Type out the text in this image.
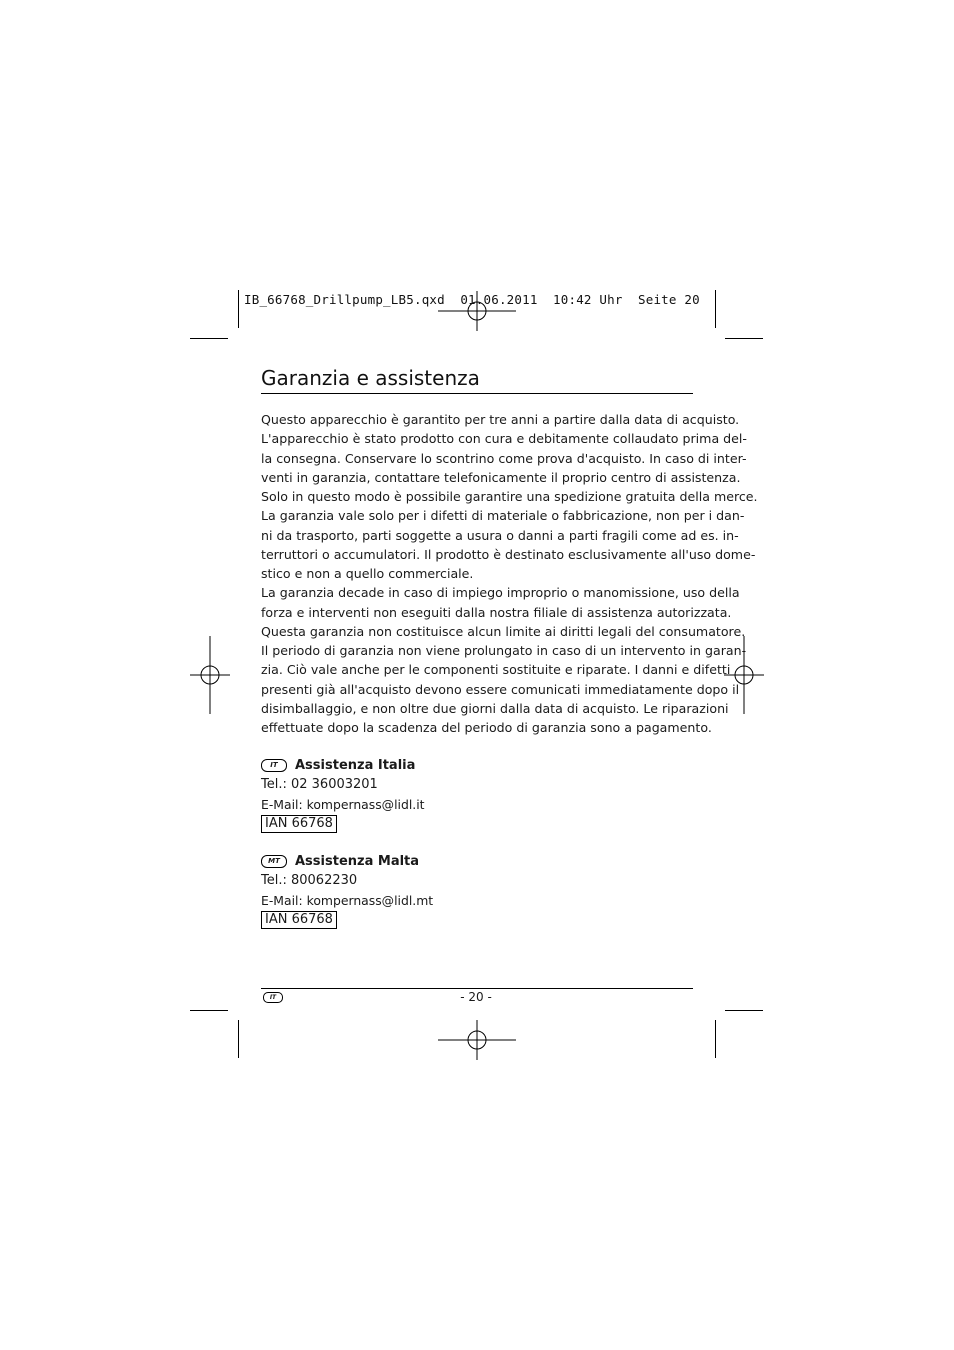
IB_66768_Drillpump_LB5.qxd  01.06.2011  10:42 Uhr  Seite 20
Garanzia e assistenza
Questo apparecchio è garantito per tre anni a partire dalla data di acquisto.
L'apparecchio è stato prodotto con cura e debitamente collaudato prima del-
la consegna. Conservare lo scontrino come prova d'acquisto. In caso di inter-
venti in garanzia, contattare telefonicamente il proprio centro di assistenza.
Solo in questo modo è possibile garantire una spedizione gratuita della merce.
La garanzia vale solo per i difetti di materiale o fabbricazione, non per i dan-
ni da trasporto, parti soggette a usura o danni a parti fragili come ad es. in-
terruttori o accumulatori. Il prodotto è destinato esclusivamente all'uso dome-
stico e non a quello commerciale.
La garanzia decade in caso di impiego improprio o manomissione, uso della
forza e interventi non eseguiti dalla nostra filiale di assistenza autorizzata.
Questa garanzia non costituisce alcun limite ai diritti legali del consumatore.
Il periodo di garanzia non viene prolungato in caso di un intervento in garan-
zia. Ciò vale anche per le componenti sostituite e riparate. I danni e difetti
presenti già all'acquisto devono essere comunicati immediatamente dopo il
disimballaggio, e non oltre due giorni dalla data di acquisto. Le riparazioni
effettuate dopo la scadenza del periodo di garanzia sono a pagamento.
IT	Assistenza Italia
Tel.: 02 36003201
E-Mail: kompernass@lidl.it
IAN 66768
MT	Assistenza Malta
Tel.: 80062230
E-Mail: kompernass@lidl.mt
IAN 66768
IT	- 20 -
